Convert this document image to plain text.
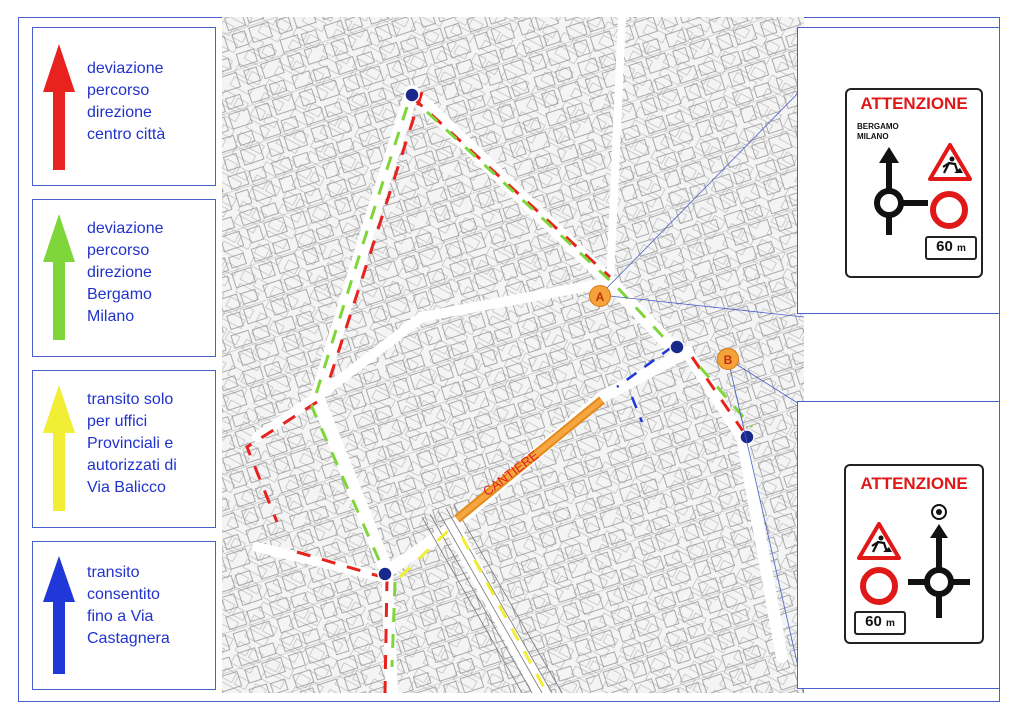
deviazione
percorso
direzione
centro città
deviazione
percorso
direzione
Bergamo
Milano
transito solo
per uffici
Provinciali e
autorizzati di
Via Balicco
transito
consentito
fino a Via
Castagnera
A
B
CANTIERE
ATTENZIONE
BERGAMO
MILANO
60 m
ATTENZIONE
60 m
